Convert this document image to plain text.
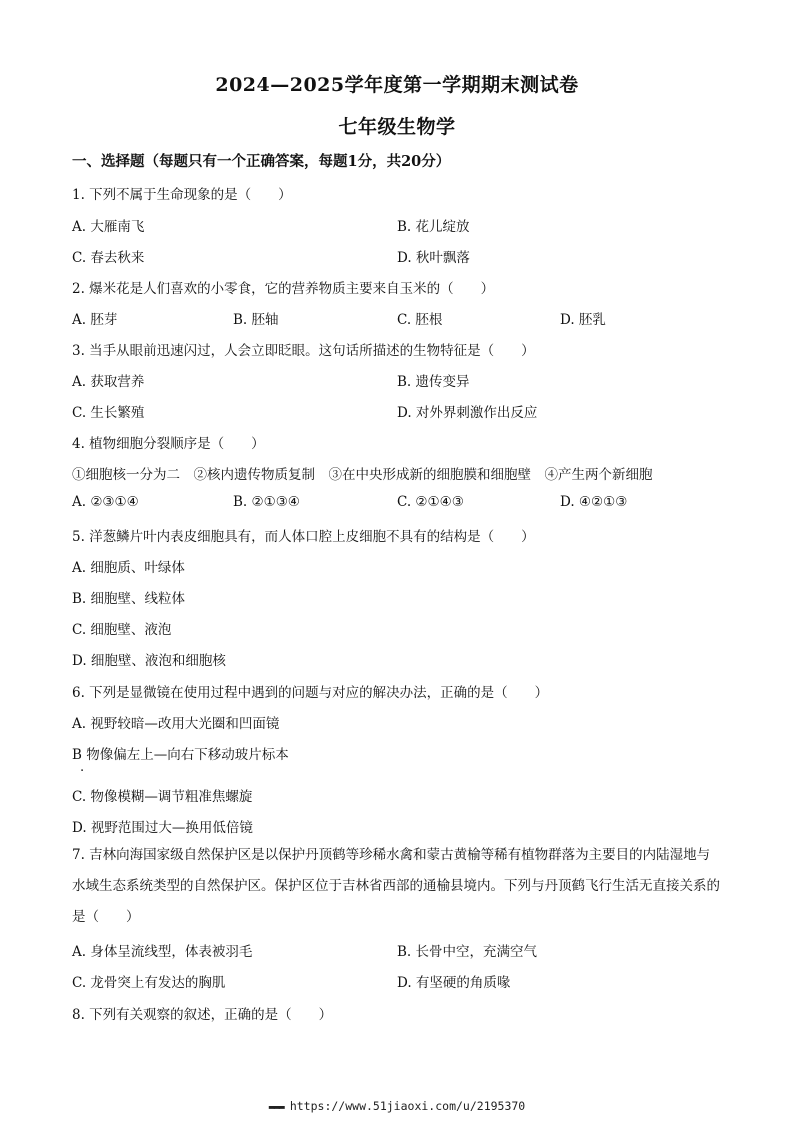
2024—2025学年度第一学期期末测试卷
七年级生物学
一、选择题（每题只有一个正确答案，每题1分，共20分）
1. 下列不属于生命现象的是（　　）
A. 大雁南飞	B. 花儿绽放
C. 春去秋来	D. 秋叶飘落
2. 爆米花是人们喜欢的小零食，它的营养物质主要来自玉米的（　　）
A. 胚芽	B. 胚轴	C. 胚根	D. 胚乳
3. 当手从眼前迅速闪过，人会立即眨眼。这句话所描述的生物特征是（　　）
A. 获取营养	B. 遗传变异
C. 生长繁殖	D. 对外界刺激作出反应
4. 植物细胞分裂顺序是（　　）
①细胞核一分为二　②核内遗传物质复制　③在中央形成新的细胞膜和细胞壁　④产生两个新细胞
A. ②③①④	B. ②①③④	C. ②①④③	D. ④②①③
5. 洋葱鳞片叶内表皮细胞具有，而人体口腔上皮细胞不具有的结构是（　　）
A. 细胞质、叶绿体
B. 细胞壁、线粒体
C. 细胞壁、液泡
D. 细胞壁、液泡和细胞核
6. 下列是显微镜在使用过程中遇到的问题与对应的解决办法，正确的是（　　）
A. 视野较暗—改用大光圈和凹面镜
B 物像偏左上—向右下移动玻片标本
.
C. 物像模糊—调节粗准焦螺旋
D. 视野范围过大—换用低倍镜
7. 吉林向海国家级自然保护区是以保护丹顶鹤等珍稀水禽和蒙古黄榆等稀有植物群落为主要目的内陆湿地与水域生态系统类型的自然保护区。保护区位于吉林省西部的通榆县境内。下列与丹顶鹤飞行生活无直接关系的是（　　）
A. 身体呈流线型，体表被羽毛	B. 长骨中空，充满空气
C. 龙骨突上有发达的胸肌	D. 有坚硬的角质喙
8. 下列有关观察的叙述，正确的是（　　）
▬▬▬ https://www.51jiaoxi.com/u/2195370
